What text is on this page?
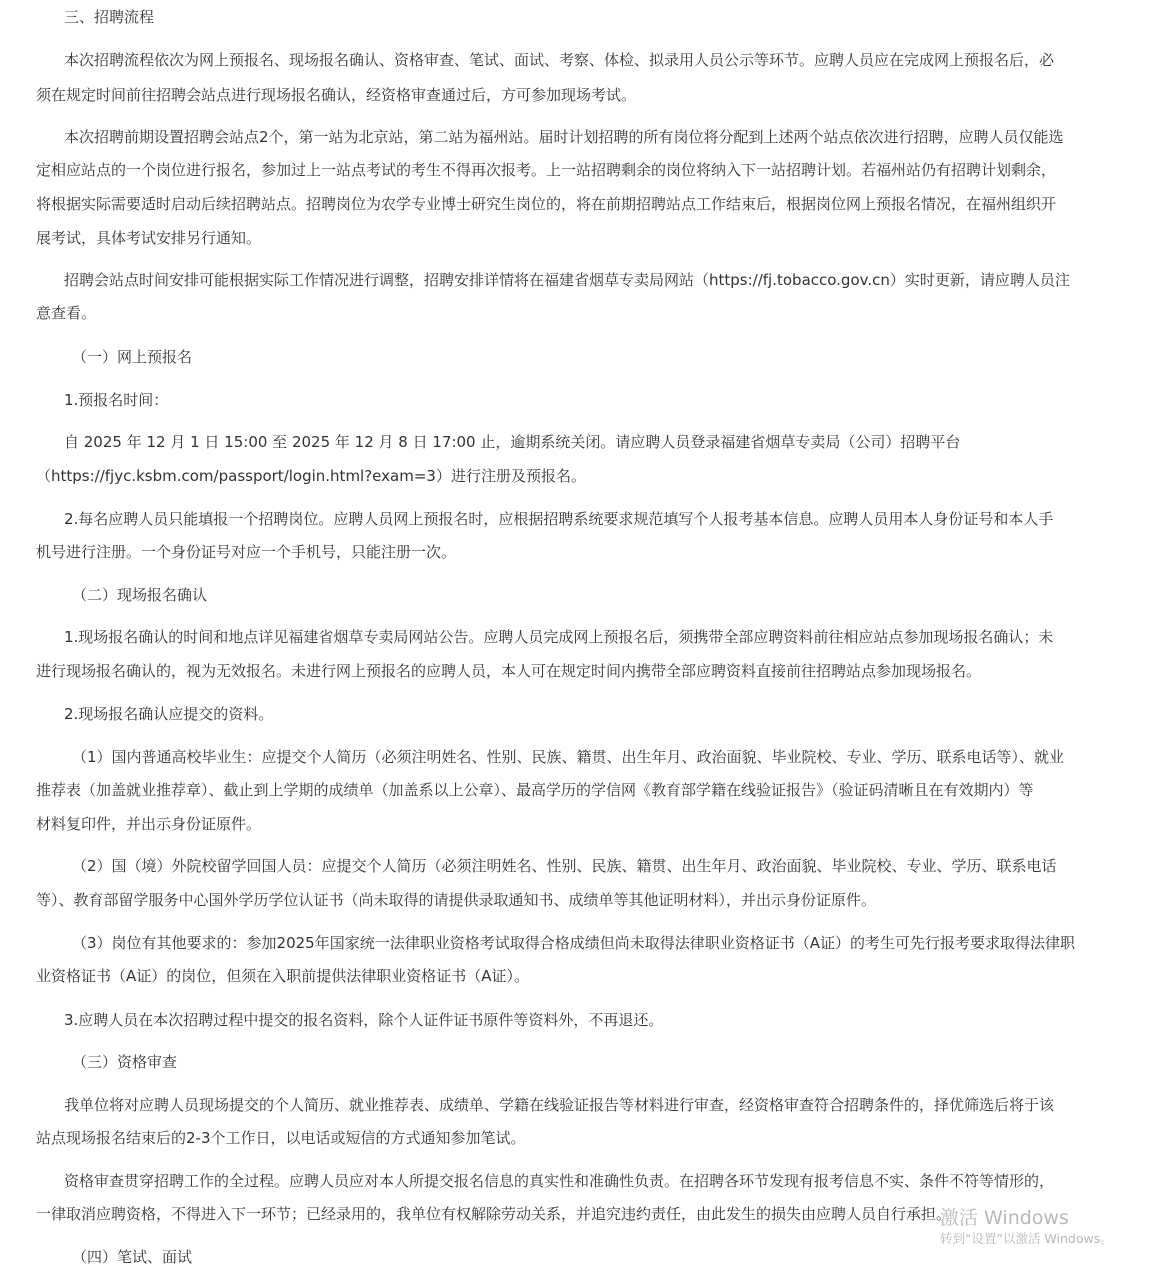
三、招聘流程
本次招聘流程依次为网上预报名、现场报名确认、资格审查、笔试、面试、考察、体检、拟录用人员公示等环节。应聘人员应在完成网上预报名后，必
须在规定时间前往招聘会站点进行现场报名确认，经资格审查通过后，方可参加现场考试。
本次招聘前期设置招聘会站点2个，第一站为北京站，第二站为福州站。届时计划招聘的所有岗位将分配到上述两个站点依次进行招聘，应聘人员仅能选
定相应站点的一个岗位进行报名，参加过上一站点考试的考生不得再次报考。上一站招聘剩余的岗位将纳入下一站招聘计划。若福州站仍有招聘计划剩余，
将根据实际需要适时启动后续招聘站点。招聘岗位为农学专业博士研究生岗位的，将在前期招聘站点工作结束后，根据岗位网上预报名情况，在福州组织开
展考试，具体考试安排另行通知。
招聘会站点时间安排可能根据实际工作情况进行调整，招聘安排详情将在福建省烟草专卖局网站（https://fj.tobacco.gov.cn）实时更新，请应聘人员注
意查看。
（一）网上预报名
1.预报名时间：
自 2025 年 12 月 1 日 15:00 至 2025 年 12 月 8 日 17:00 止，逾期系统关闭。请应聘人员登录福建省烟草专卖局（公司）招聘平台
（https://fjyc.ksbm.com/passport/login.html?exam=3）进行注册及预报名。
2.每名应聘人员只能填报一个招聘岗位。应聘人员网上预报名时，应根据招聘系统要求规范填写个人报考基本信息。应聘人员用本人身份证号和本人手
机号进行注册。一个身份证号对应一个手机号，只能注册一次。
（二）现场报名确认
1.现场报名确认的时间和地点详见福建省烟草专卖局网站公告。应聘人员完成网上预报名后，须携带全部应聘资料前往相应站点参加现场报名确认；未
进行现场报名确认的，视为无效报名。未进行网上预报名的应聘人员，本人可在规定时间内携带全部应聘资料直接前往招聘站点参加现场报名。
2.现场报名确认应提交的资料。
（1）国内普通高校毕业生：应提交个人简历（必须注明姓名、性别、民族、籍贯、出生年月、政治面貌、毕业院校、专业、学历、联系电话等）、就业
推荐表（加盖就业推荐章）、截止到上学期的成绩单（加盖系以上公章）、最高学历的学信网《教育部学籍在线验证报告》（验证码清晰且在有效期内）等
材料复印件，并出示身份证原件。
（2）国（境）外院校留学回国人员：应提交个人简历（必须注明姓名、性别、民族、籍贯、出生年月、政治面貌、毕业院校、专业、学历、联系电话
等）、教育部留学服务中心国外学历学位认证书（尚未取得的请提供录取通知书、成绩单等其他证明材料），并出示身份证原件。
（3）岗位有其他要求的：参加2025年国家统一法律职业资格考试取得合格成绩但尚未取得法律职业资格证书（A证）的考生可先行报考要求取得法律职
业资格证书（A证）的岗位，但须在入职前提供法律职业资格证书（A证）。
3.应聘人员在本次招聘过程中提交的报名资料，除个人证件证书原件等资料外，不再退还。
（三）资格审查
我单位将对应聘人员现场提交的个人简历、就业推荐表、成绩单、学籍在线验证报告等材料进行审查，经资格审查符合招聘条件的，择优筛选后将于该
站点现场报名结束后的2-3个工作日，以电话或短信的方式通知参加笔试。
资格审查贯穿招聘工作的全过程。应聘人员应对本人所提交报名信息的真实性和准确性负责。在招聘各环节发现有报考信息不实、条件不符等情形的，
一律取消应聘资格，不得进入下一环节；已经录用的，我单位有权解除劳动关系，并追究违约责任，由此发生的损失由应聘人员自行承担。
（四）笔试、面试
激活 Windows
转到“设置”以激活 Windows。
